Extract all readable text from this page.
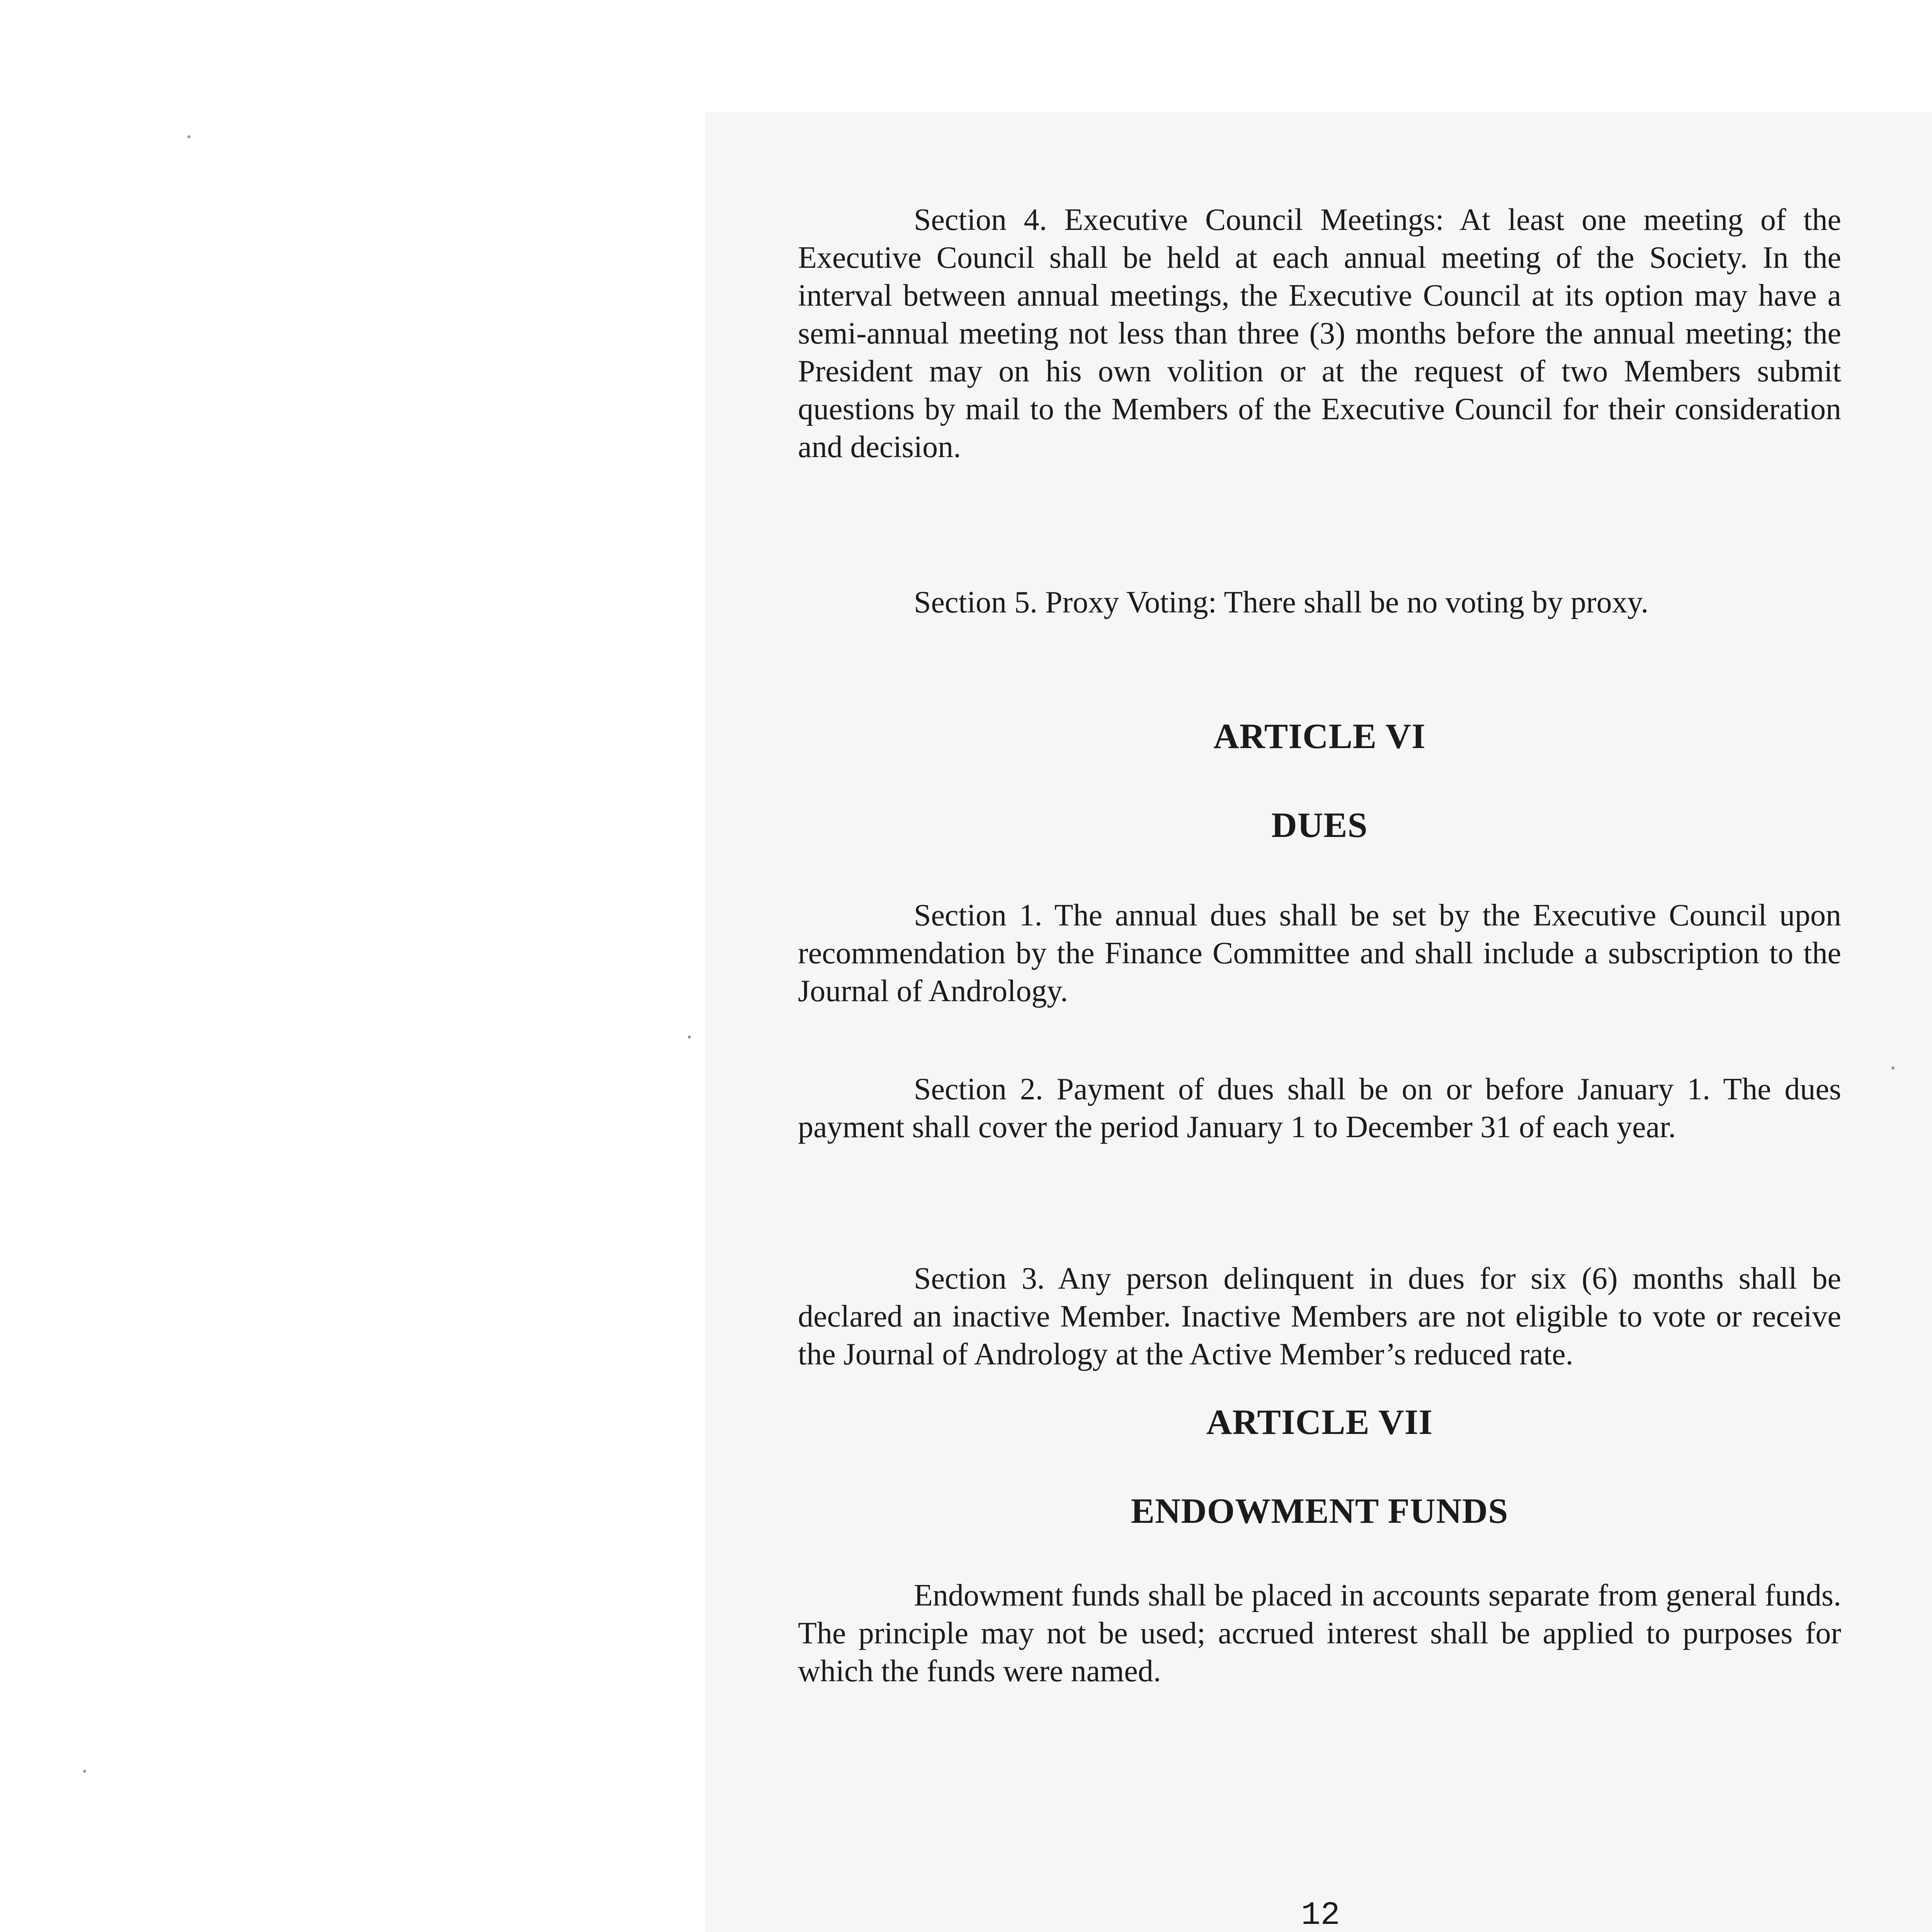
Section 4. Executive Council Meetings: At least one meeting of the Executive Council shall be held at each annual meeting of the Society. In the interval between annual meetings, the Executive Council at its option may have a semi-annual meeting not less than three (3) months before the annual meeting; the President may on his own volition or at the request of two Members submit questions by mail to the Members of the Executive Council for their consideration and decision.

Section 5. Proxy Voting: There shall be no voting by proxy.

ARTICLE VI
DUES

Section 1. The annual dues shall be set by the Executive Council upon recommendation by the Finance Committee and shall include a subscription to the Journal of Andrology.

Section 2. Payment of dues shall be on or before January 1. The dues payment shall cover the period January 1 to December 31 of each year.

Section 3. Any person delinquent in dues for six (6) months shall be declared an inactive Member. Inactive Members are not eligible to vote or receive the Journal of Andrology at the Active Member’s reduced rate.

ARTICLE VII
ENDOWMENT FUNDS

Endowment funds shall be placed in accounts separate from general funds. The principle may not be used; accrued interest shall be applied to purposes for which the funds were named.

12
